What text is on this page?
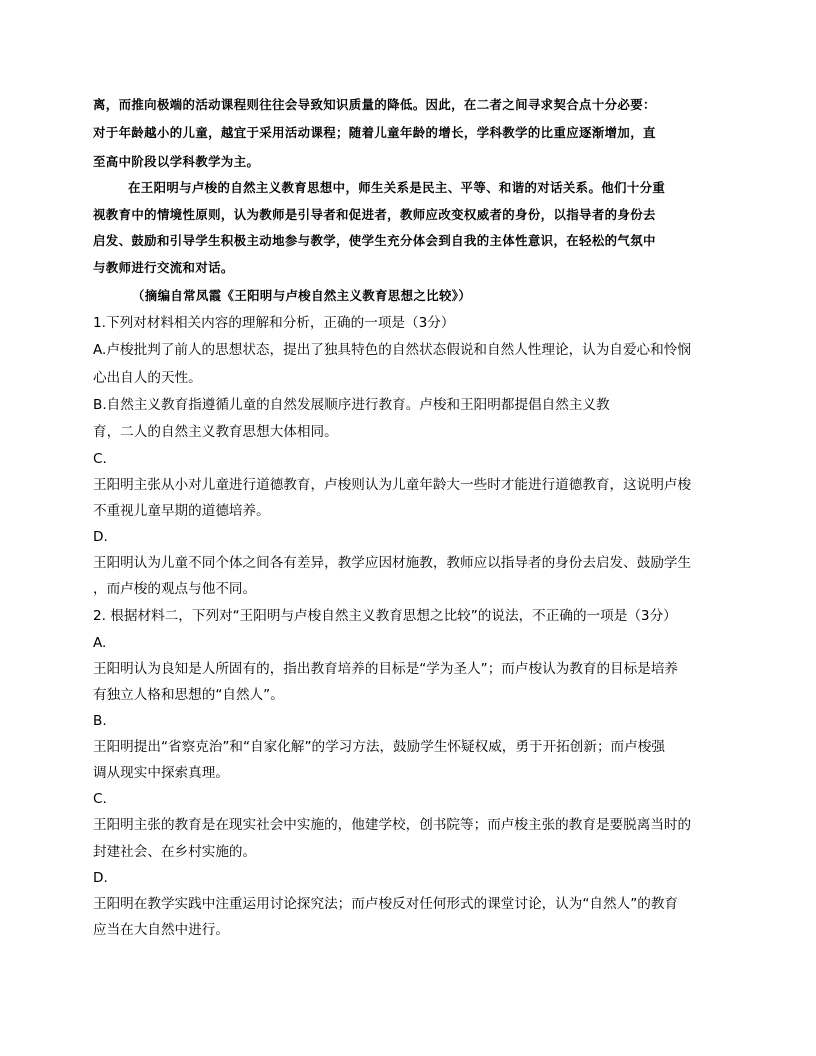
离，而推向极端的活动课程则往往会导致知识质量的降低。因此，在二者之间寻求契合点十分必要：
对于年龄越小的儿童，越宜于采用活动课程；随着儿童年龄的增长，学科教学的比重应逐渐增加，直
至高中阶段以学科教学为主。
在王阳明与卢梭的自然主义教育思想中，师生关系是民主、平等、和谐的对话关系。他们十分重
视教育中的情境性原则，认为教师是引导者和促进者，教师应改变权威者的身份，以指导者的身份去
启发、鼓励和引导学生积极主动地参与教学，使学生充分体会到自我的主体性意识，在轻松的气氛中
与教师进行交流和对话。
（摘编自常凤霞《王阳明与卢梭自然主义教育思想之比较》）
1.下列对材料相关内容的理解和分析，正确的一项是（3分）
A.卢梭批判了前人的思想状态，提出了独具特色的自然状态假说和自然人性理论，认为自爱心和怜悯
心出自人的天性。
B.自然主义教育指遵循儿童的自然发展顺序进行教育。卢梭和王阳明都提倡自然主义教
育，二人的自然主义教育思想大体相同。
C.
王阳明主张从小对儿童进行道德教育，卢梭则认为儿童年龄大一些时才能进行道德教育，这说明卢梭
不重视儿童早期的道德培养。
D.
王阳明认为儿童不同个体之间各有差异，教学应因材施教，教师应以指导者的身份去启发、鼓励学生
，而卢梭的观点与他不同。
2. 根据材料二，下列对“王阳明与卢梭自然主义教育思想之比较”的说法，不正确的一项是（3分）
A.
王阳明认为良知是人所固有的，指出教育培养的目标是“学为圣人”；而卢梭认为教育的目标是培养
有独立人格和思想的“自然人”。
B.
王阳明提出“省察克治”和“自家化解”的学习方法，鼓励学生怀疑权威，勇于开拓创新；而卢梭强
调从现实中探索真理。
C.
王阳明主张的教育是在现实社会中实施的，他建学校，创书院等；而卢梭主张的教育是要脱离当时的
封建社会、在乡村实施的。
D.
王阳明在教学实践中注重运用讨论探究法；而卢梭反对任何形式的课堂讨论，认为“自然人”的教育
应当在大自然中进行。
